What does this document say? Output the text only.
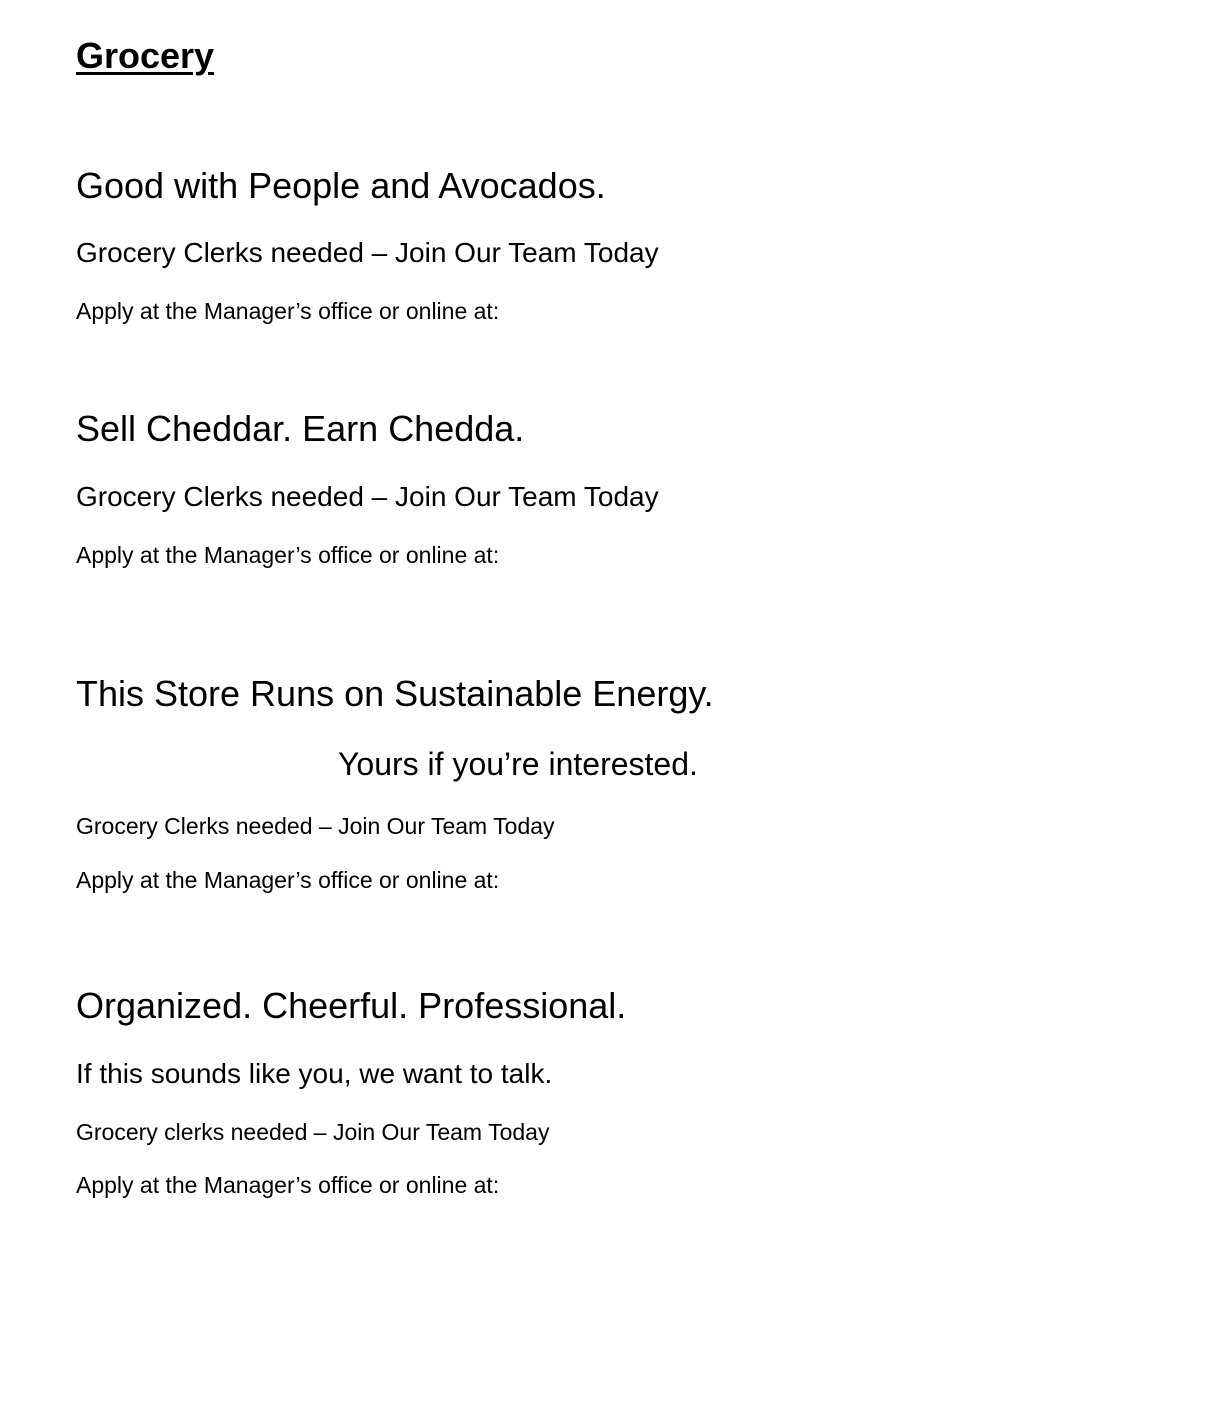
Grocery
Good with People and Avocados.
Grocery Clerks needed – Join Our Team Today
Apply at the Manager’s office or online at:
Sell Cheddar. Earn Chedda.
Grocery Clerks needed – Join Our Team Today
Apply at the Manager’s office or online at:
This Store Runs on Sustainable Energy.
Yours if you’re interested.
Grocery Clerks needed – Join Our Team Today
Apply at the Manager’s office or online at:
Organized. Cheerful. Professional.
If this sounds like you, we want to talk.
Grocery clerks needed – Join Our Team Today
Apply at the Manager’s office or online at:
